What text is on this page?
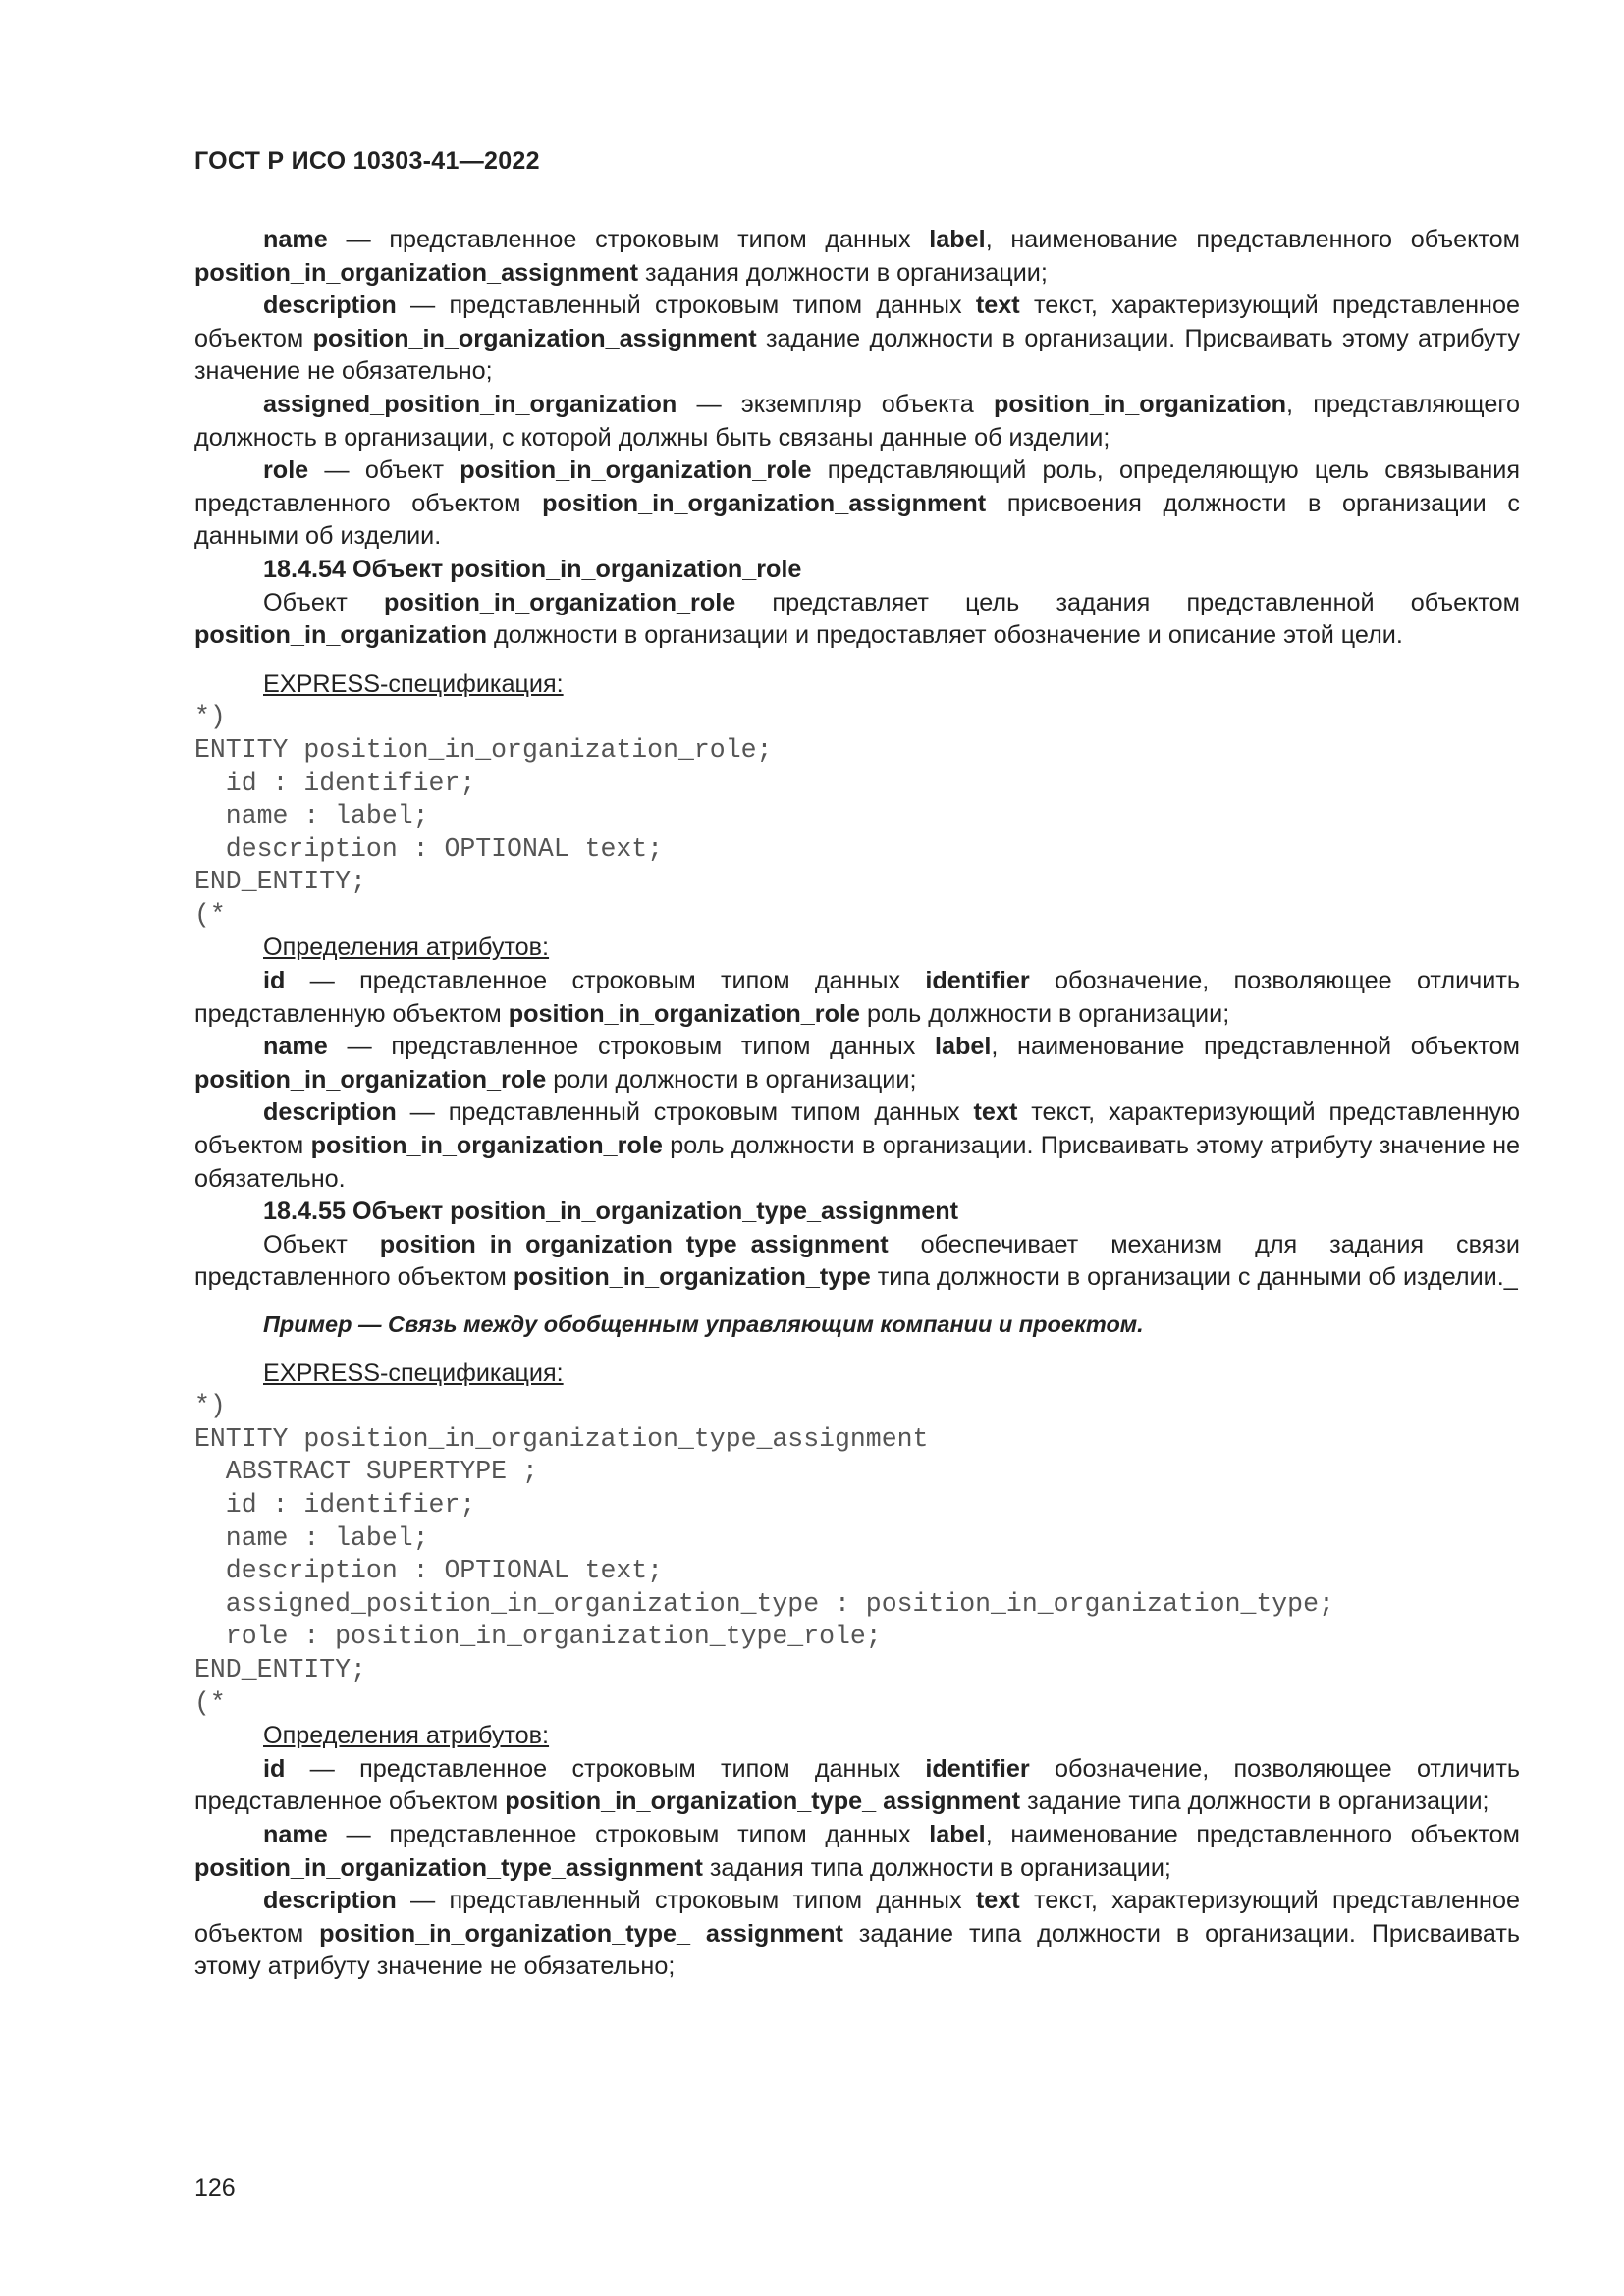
ГОСТ Р ИСО 10303-41—2022

name — представленное строковым типом данных label, наименование представленного объектом position_in_organization_assignment задания должности в организации;

description — представленный строковым типом данных text текст, характеризующий представленное объектом position_in_organization_assignment задание должности в организации. Присваивать этому атрибуту значение не обязательно;

assigned_position_in_organization — экземпляр объекта position_in_organization, представляющего должность в организации, с которой должны быть связаны данные об изделии;

role — объект position_in_organization_role представляющий роль, определяющую цель связывания представленного объектом position_in_organization_assignment присвоения должности в организации с данными об изделии.

18.4.54 Объект position_in_organization_role

Объект position_in_organization_role представляет цель задания представленной объектом position_in_organization должности в организации и предоставляет обозначение и описание этой цели.

EXPRESS-спецификация:

*)
ENTITY position_in_organization_role;
id : identifier;
name : label;
description : OPTIONAL text;
END_ENTITY;
(*

Определения атрибутов:

id — представленное строковым типом данных identifier обозначение, позволяющее отличить представленную объектом position_in_organization_role роль должности в организации;

name — представленное строковым типом данных label, наименование представленной объектом position_in_organization_role роли должности в организации;

description — представленный строковым типом данных text текст, характеризующий представленную объектом position_in_organization_role роль должности в организации. Присваивать этому атрибуту значение не обязательно.

18.4.55 Объект position_in_organization_type_assignment

Объект position_in_organization_type_assignment обеспечивает механизм для задания связи представленного объектом position_in_organization_type типа должности в организации с данными об изделии._

Пример — Связь между обобщенным управляющим компании и проектом.

EXPRESS-спецификация:

*)
ENTITY position_in_organization_type_assignment
ABSTRACT SUPERTYPE ;
id : identifier;
name : label;
description : OPTIONAL text;
assigned_position_in_organization_type : position_in_organization_type;
role : position_in_organization_type_role;
END_ENTITY;
(*

Определения атрибутов:

id — представленное строковым типом данных identifier обозначение, позволяющее отличить представленное объектом position_in_organization_type_ assignment задание типа должности в организации;

name — представленное строковым типом данных label, наименование представленного объектом position_in_organization_type_assignment задания типа должности в организации;

description — представленный строковым типом данных text текст, характеризующий представленное объектом position_in_organization_type_ assignment задание типа должности в организации. Присваивать этому атрибуту значение не обязательно;

126
